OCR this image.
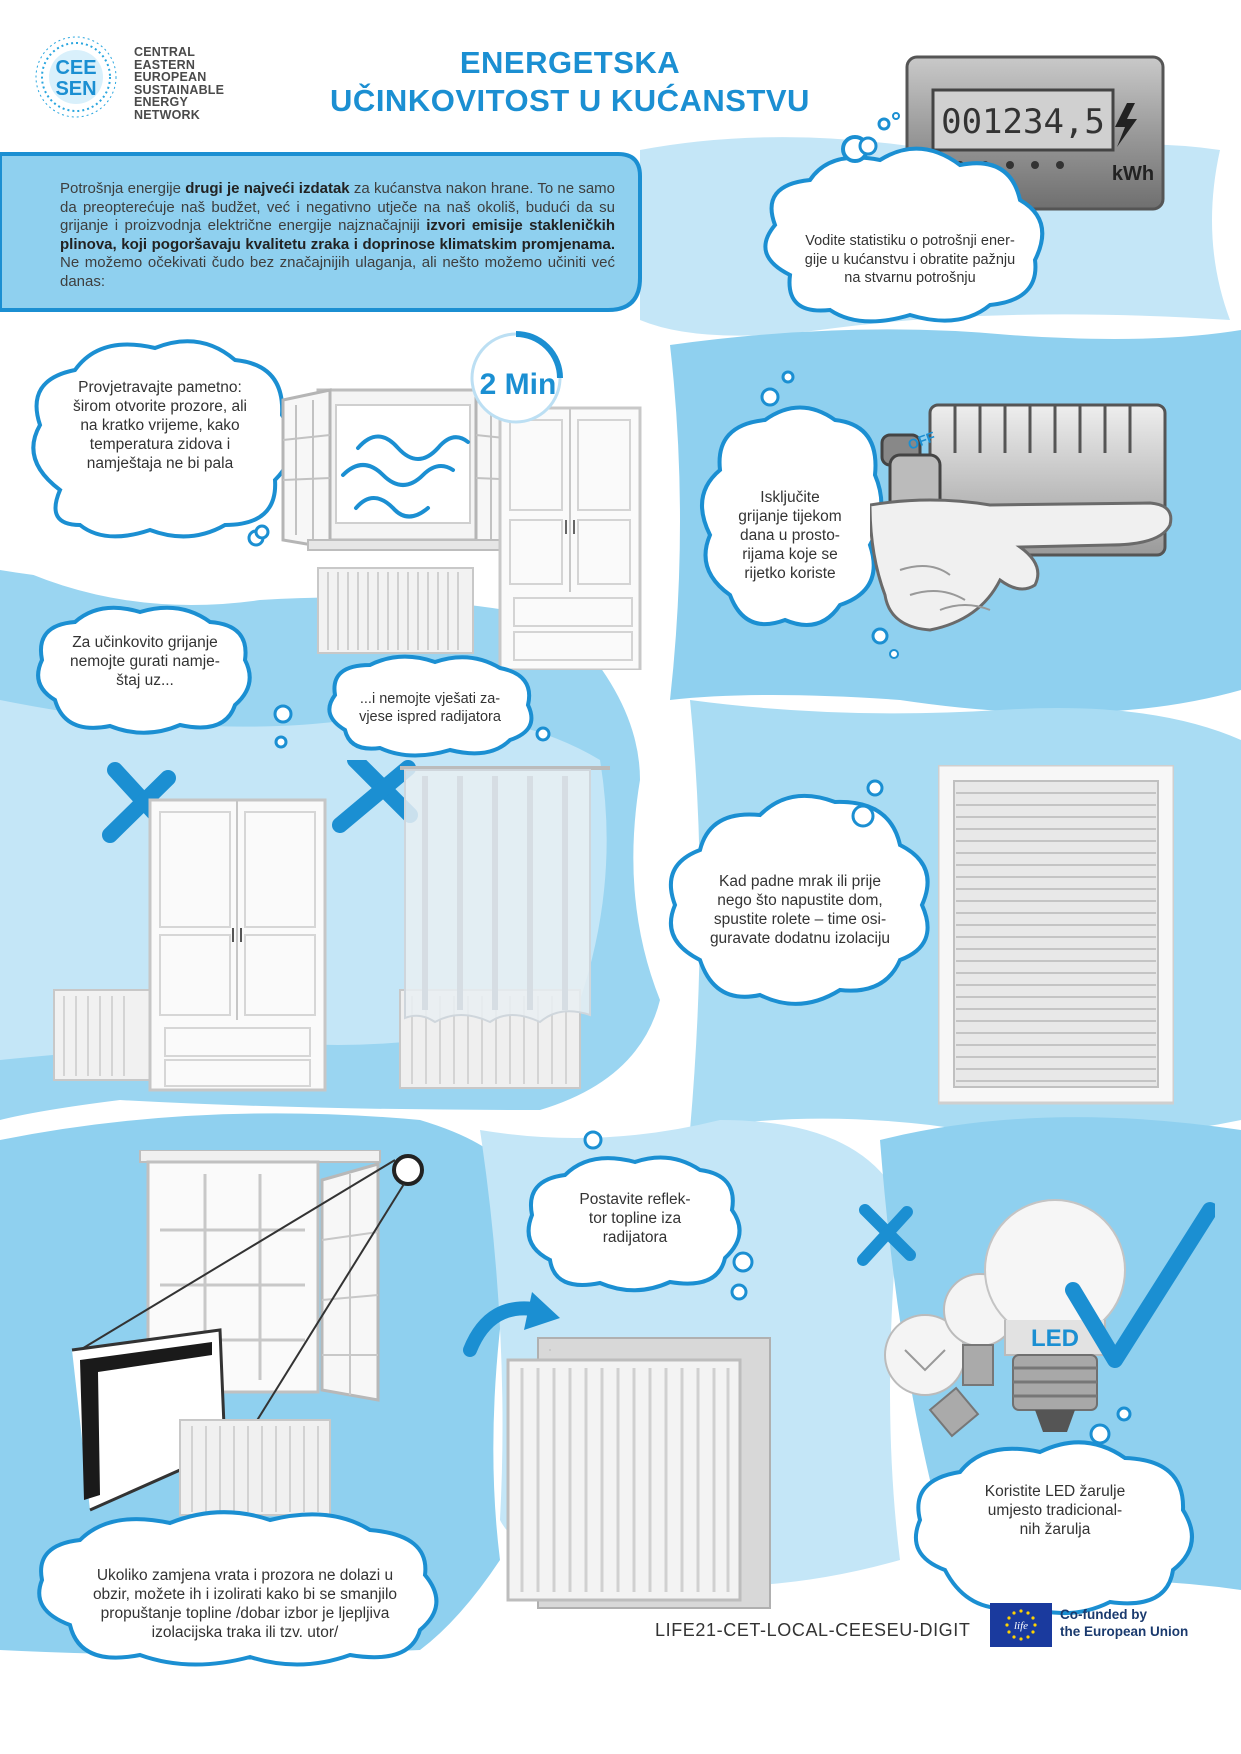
CEE
SEN
CENTRAL
EASTERN
EUROPEAN
SUSTAINABLE
ENERGY
NETWORK
ENERGETSKA
UČINKOVITOST U KUĆANSTVU
Potrošnja energije drugi je najveći izdatak za kućanstva nakon hrane. To ne samo da preopterećuje naš budžet, već i negativno utječe na naš okoliš, budući da su grijanje i proizvodnja električne energije najznačajniji izvori emisije stakleničkih plinova, koji pogoršavaju kvalitetu zraka i doprinose klimatskim promjenama. Ne možemo očekivati čudo bez značajnijih ulaganja, ali nešto možemo učiniti već danas:
001234,5
kWh
Vodite statistiku o potrošnji ener-
gije u kućanstvu i obratite pažnju
na stvarnu potrošnju
Provjetravajte pametno:
širom otvorite prozore, ali
na kratko vrijeme, kako
temperatura zidova i
namještaja ne bi pala
2 Min
Isključite
grijanje tijekom
dana u prosto-
rijama koje se
rijetko koriste
OFF
Za učinkovito grijanje
nemojte gurati namje-
štaj uz...
...i nemojte vješati za-
vjese ispred radijatora
Kad padne mrak ili prije
nego što napustite dom,
spustite rolete – time osi-
guravate dodatnu izolaciju
Ukoliko zamjena vrata i prozora ne dolazi u
obzir, možete ih i izolirati kako bi se smanjilo
propuštanje topline /dobar izbor je ljepljiva
izolacijska traka ili tzv. utor/
Postavite reflek-
tor topline iza
radijatora
LED
Koristite LED žarulje
umjesto tradicional-
nih žarulja
LIFE21-CET-LOCAL-CEESEU-DIGIT	life
Co-funded by
the European Union
